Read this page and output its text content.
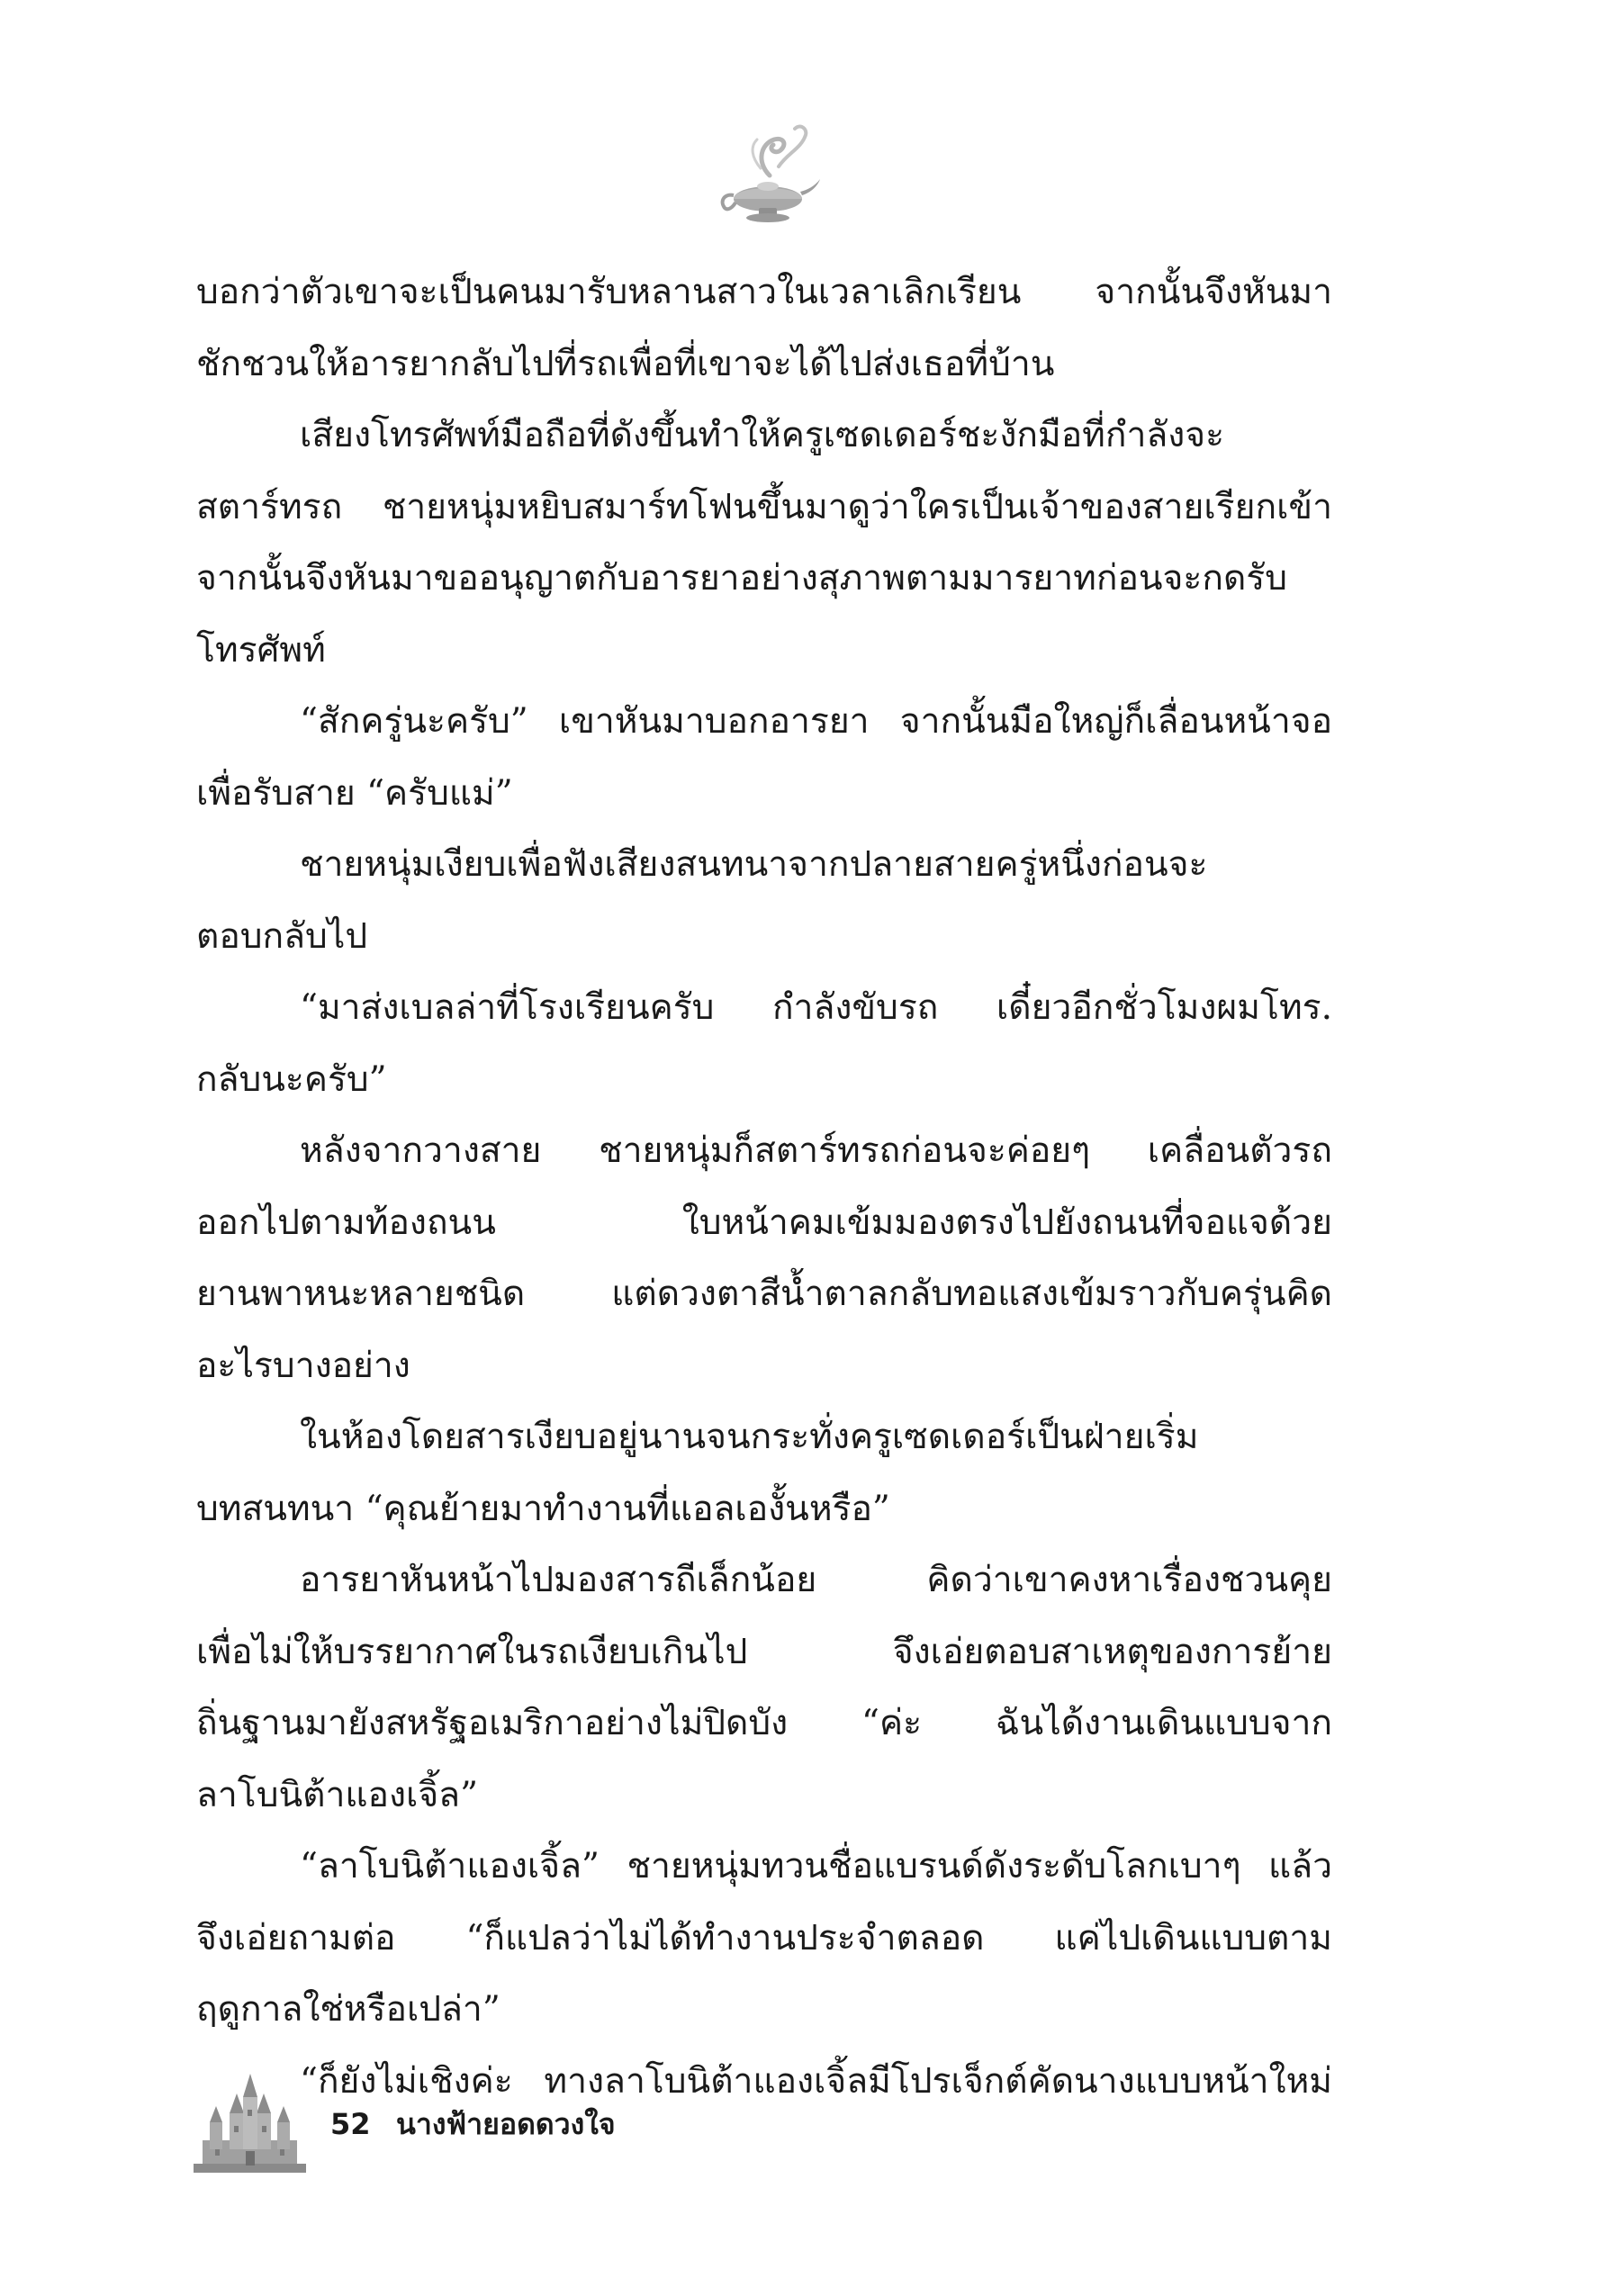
บอกว่าตัวเขาจะเป็นคนมารับหลานสาวในเวลาเลิกเรียน จากนั้นจึงหันมา
ชักชวนให้อารยากลับไปที่รถเพื่อที่เขาจะได้ไปส่งเธอที่บ้าน
เสียงโทรศัพท์มือถือที่ดังขึ้นทำให้ครูเซดเดอร์ชะงักมือที่กำลังจะ
สตาร์ทรถ ชายหนุ่มหยิบสมาร์ทโฟนขึ้นมาดูว่าใครเป็นเจ้าของสายเรียกเข้า
จากนั้นจึงหันมาขออนุญาตกับอารยาอย่างสุภาพตามมารยาทก่อนจะกดรับ
โทรศัพท์
“สักครู่นะครับ” เขาหันมาบอกอารยา จากนั้นมือใหญ่ก็เลื่อนหน้าจอ
เพื่อรับสาย “ครับแม่”
ชายหนุ่มเงียบเพื่อฟังเสียงสนทนาจากปลายสายครู่หนึ่งก่อนจะ
ตอบกลับไป
“มาส่งเบลล่าที่โรงเรียนครับ กำลังขับรถ เดี๋ยวอีกชั่วโมงผมโทร.
กลับนะครับ”
หลังจากวางสาย ชายหนุ่มก็สตาร์ทรถก่อนจะค่อยๆ เคลื่อนตัวรถ
ออกไปตามท้องถนน ใบหน้าคมเข้มมองตรงไปยังถนนที่จอแจด้วย
ยานพาหนะหลายชนิด แต่ดวงตาสีน้ำตาลกลับทอแสงเข้มราวกับครุ่นคิด
อะไรบางอย่าง
ในห้องโดยสารเงียบอยู่นานจนกระทั่งครูเซดเดอร์เป็นฝ่ายเริ่ม
บทสนทนา “คุณย้ายมาทำงานที่แอลเองั้นหรือ”
อารยาหันหน้าไปมองสารถีเล็กน้อย คิดว่าเขาคงหาเรื่องชวนคุย
เพื่อไม่ให้บรรยากาศในรถเงียบเกินไป จึงเอ่ยตอบสาเหตุของการย้าย
ถิ่นฐานมายังสหรัฐอเมริกาอย่างไม่ปิดบัง “ค่ะ ฉันได้งานเดินแบบจาก
ลาโบนิต้าแองเจิ้ล”
“ลาโบนิต้าแองเจิ้ล” ชายหนุ่มทวนชื่อแบรนด์ดังระดับโลกเบาๆ แล้ว
จึงเอ่ยถามต่อ “ก็แปลว่าไม่ได้ทำงานประจำตลอด แค่ไปเดินแบบตาม
ฤดูกาลใช่หรือเปล่า”
“ก็ยังไม่เชิงค่ะ ทางลาโบนิต้าแองเจิ้ลมีโปรเจ็กต์คัดนางแบบหน้าใหม่
52 นางฟ้ายอดดวงใจ
